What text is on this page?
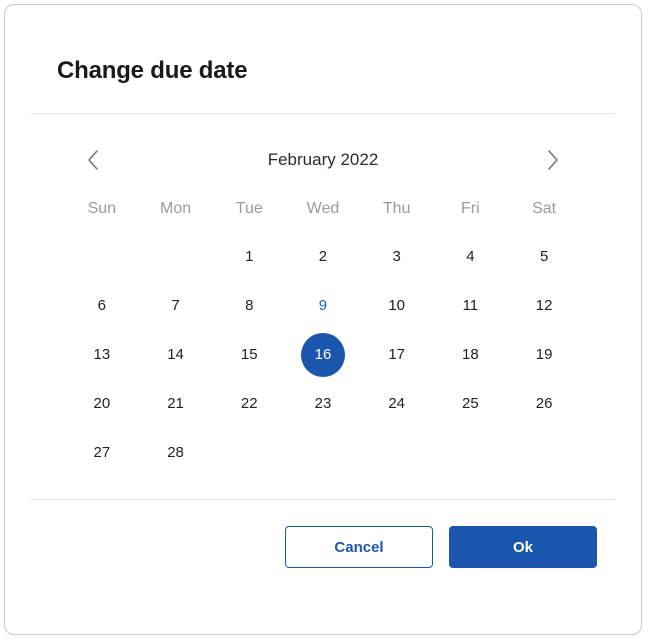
Change due date
February 2022
Sun	Mon	Tue	Wed	Thu	Fri	Sat
		1	2	3	4	5
6	7	8	9	10	11	12
13	14	15	16	17	18	19
20	21	22	23	24	25	26
27	28					
Cancel	Ok
